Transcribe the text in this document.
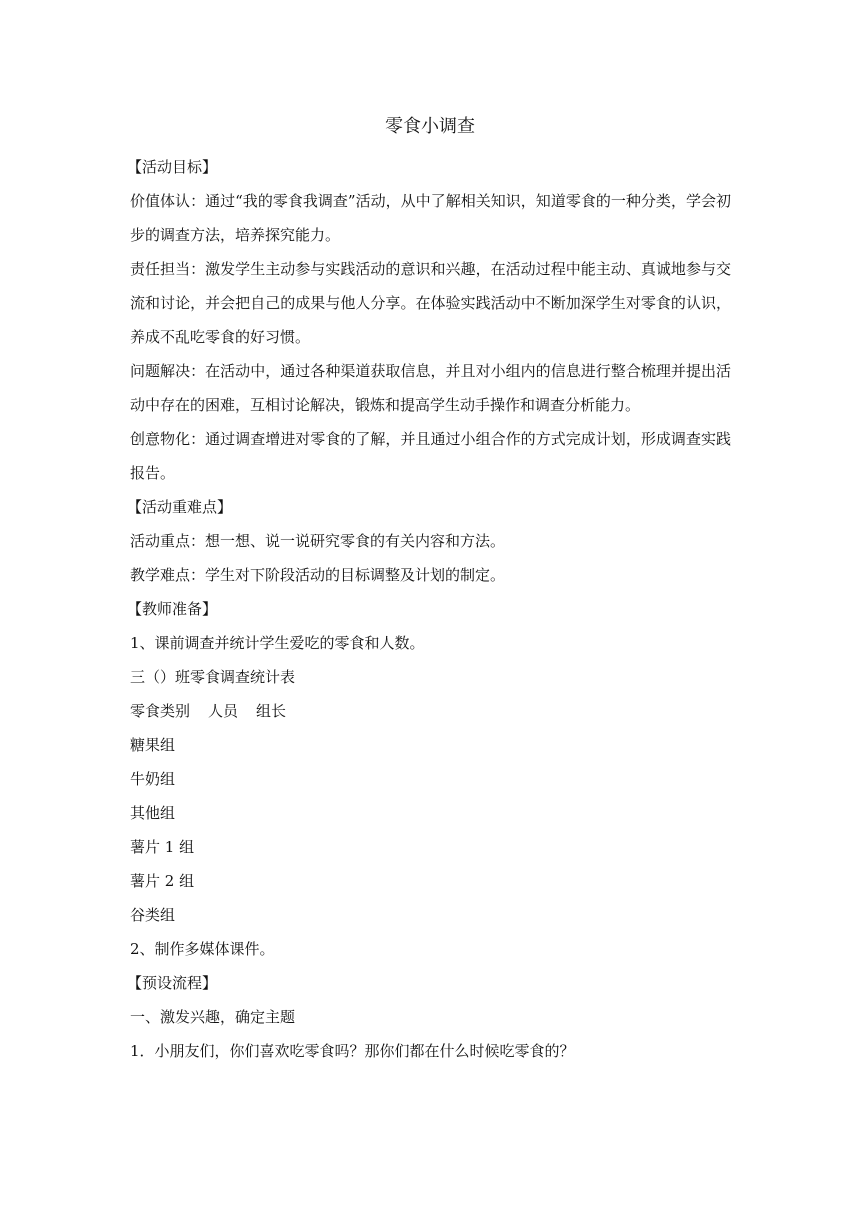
零食小调查

【活动目标】

价值体认：通过“我的零食我调查”活动，从中了解相关知识，知道零食的一种分类，学会初步的调查方法，培养探究能力。

责任担当：激发学生主动参与实践活动的意识和兴趣，在活动过程中能主动、真诚地参与交流和讨论，并会把自己的成果与他人分享。在体验实践活动中不断加深学生对零食的认识，养成不乱吃零食的好习惯。

问题解决：在活动中，通过各种渠道获取信息，并且对小组内的信息进行整合梳理并提出活动中存在的困难，互相讨论解决，锻炼和提高学生动手操作和调查分析能力。

创意物化：通过调查增进对零食的了解，并且通过小组合作的方式完成计划，形成调查实践报告。

【活动重难点】

活动重点：想一想、说一说研究零食的有关内容和方法。

教学难点：学生对下阶段活动的目标调整及计划的制定。

【教师准备】

1、课前调查并统计学生爱吃的零食和人数。

三（）班零食调查统计表

零食类别 人员 组长

糖果组

牛奶组

其他组

薯片 1 组

薯片 2 组

谷类组

2、制作多媒体课件。

【预设流程】

一、激发兴趣，确定主题

1．小朋友们，你们喜欢吃零食吗？那你们都在什么时候吃零食的？
